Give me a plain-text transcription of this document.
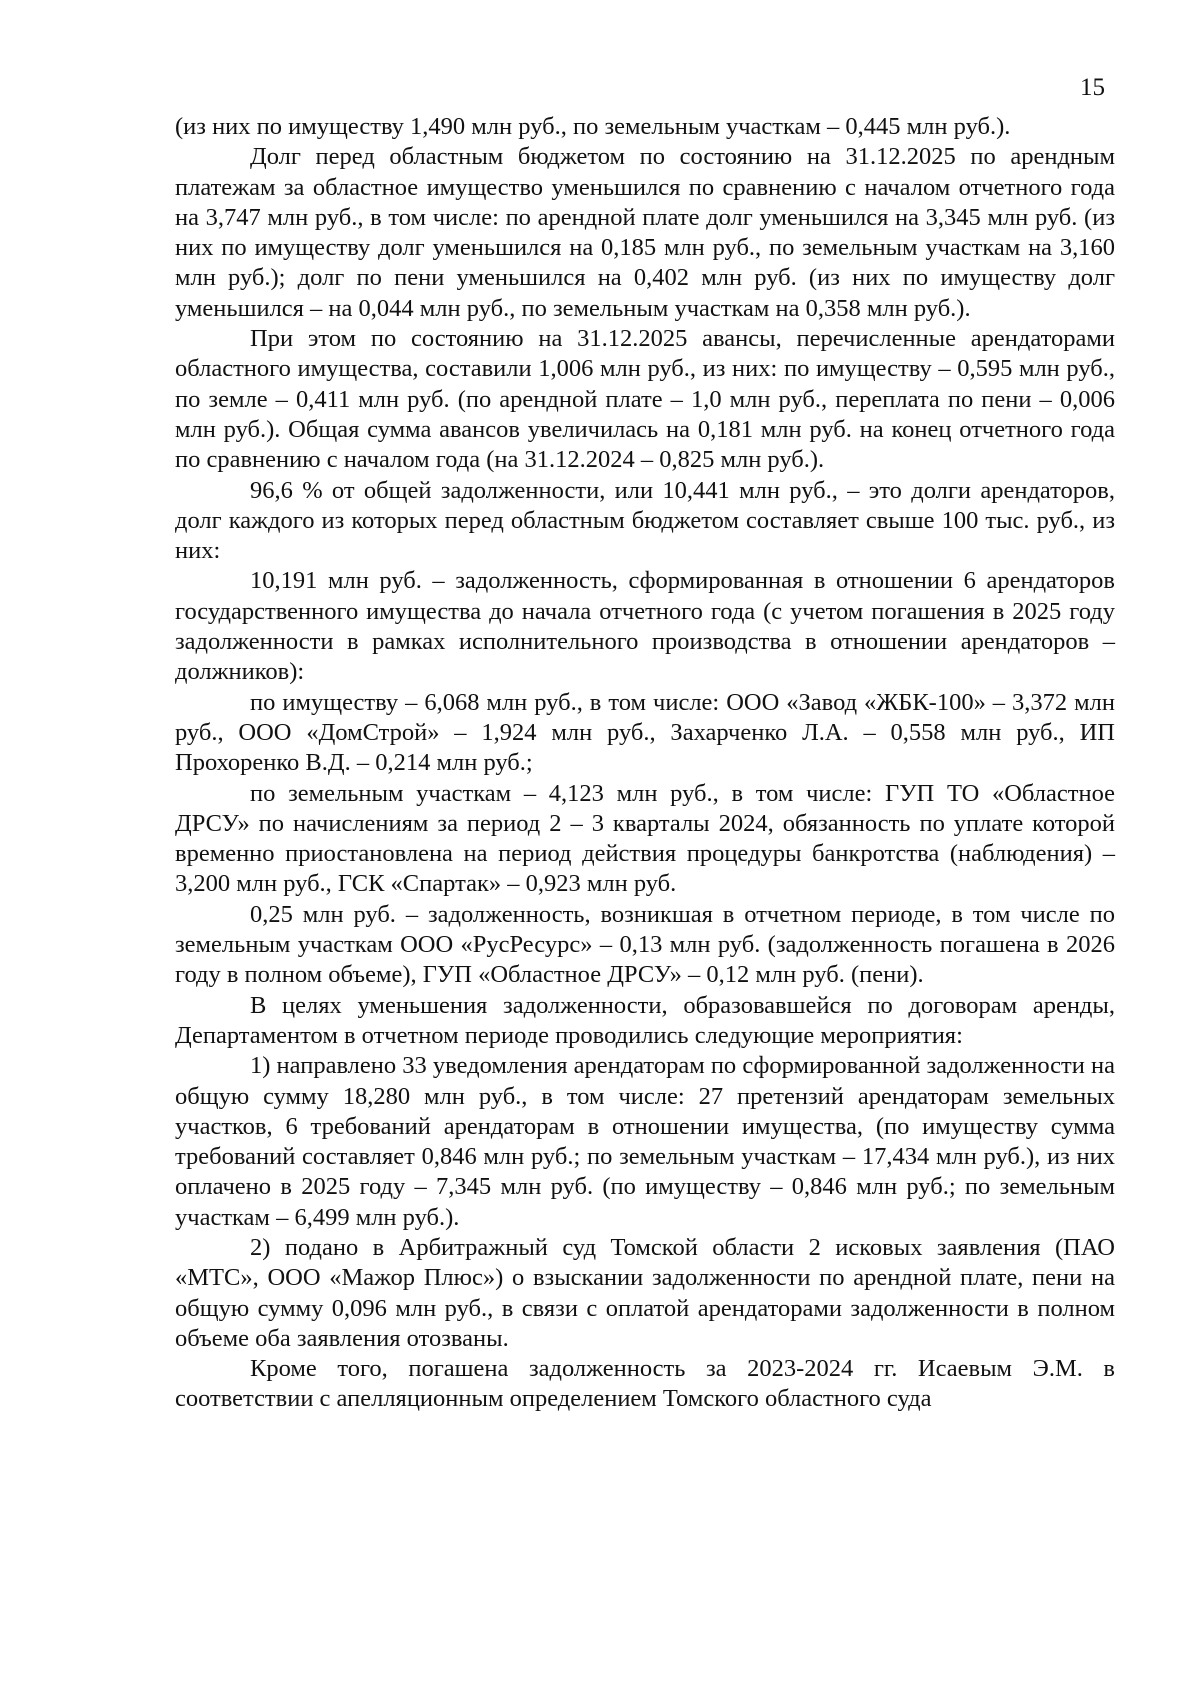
15

(из них по имуществу 1,490 млн руб., по земельным участкам – 0,445 млн руб.).

Долг перед областным бюджетом по состоянию на 31.12.2025 по арендным платежам за областное имущество уменьшился по сравнению с началом отчетного года на 3,747 млн руб., в том числе: по арендной плате долг уменьшился на 3,345 млн руб. (из них по имуществу долг уменьшился на 0,185 млн руб., по земельным участкам на 3,160 млн руб.); долг по пени уменьшился на 0,402 млн руб. (из них по имуществу долг уменьшился – на 0,044 млн руб., по земельным участкам на 0,358 млн руб.).

При этом по состоянию на 31.12.2025 авансы, перечисленные арендаторами областного имущества, составили 1,006 млн руб., из них: по имуществу – 0,595 млн руб., по земле – 0,411 млн руб. (по арендной плате – 1,0 млн руб., переплата по пени – 0,006 млн руб.). Общая сумма авансов увеличилась на 0,181 млн руб. на конец отчетного года по сравнению с началом года (на 31.12.2024 – 0,825 млн руб.).

96,6 % от общей задолженности, или 10,441 млн руб., – это долги арендаторов, долг каждого из которых перед областным бюджетом составляет свыше 100 тыс. руб., из них:

10,191 млн руб. – задолженность, сформированная в отношении 6 арендаторов государственного имущества до начала отчетного года (с учетом погашения в 2025 году задолженности в рамках исполнительного производства в отношении арендаторов – должников):

по имуществу – 6,068 млн руб., в том числе: ООО «Завод «ЖБК-100» – 3,372 млн руб., ООО «ДомСтрой» – 1,924 млн руб., Захарченко Л.А. – 0,558 млн руб., ИП Прохоренко В.Д. – 0,214 млн руб.;

по земельным участкам – 4,123 млн руб., в том числе: ГУП ТО «Областное ДРСУ» по начислениям за период 2 – 3 кварталы 2024, обязанность по уплате которой временно приостановлена на период действия процедуры банкротства (наблюдения) – 3,200 млн руб., ГСК «Спартак» – 0,923 млн руб.

0,25 млн руб. – задолженность, возникшая в отчетном периоде, в том числе по земельным участкам ООО «РусРесурс» – 0,13 млн руб. (задолженность погашена в 2026 году в полном объеме), ГУП «Областное ДРСУ» – 0,12 млн руб. (пени).

В целях уменьшения задолженности, образовавшейся по договорам аренды, Департаментом в отчетном периоде проводились следующие мероприятия:

1) направлено 33 уведомления арендаторам по сформированной задолженности на общую сумму 18,280 млн руб., в том числе: 27 претензий арендаторам земельных участков, 6 требований арендаторам в отношении имущества, (по имуществу сумма требований составляет 0,846 млн руб.; по земельным участкам – 17,434 млн руб.), из них оплачено в 2025 году – 7,345 млн руб. (по имуществу – 0,846 млн руб.; по земельным участкам – 6,499 млн руб.).

2) подано в Арбитражный суд Томской области 2 исковых заявления (ПАО «МТС», ООО «Мажор Плюс») о взыскании задолженности по арендной плате, пени на общую сумму 0,096 млн руб., в связи с оплатой арендаторами задолженности в полном объеме оба заявления отозваны.

Кроме того, погашена задолженность за 2023-2024 гг. Исаевым Э.М. в соответствии с апелляционным определением Томского областного суда
